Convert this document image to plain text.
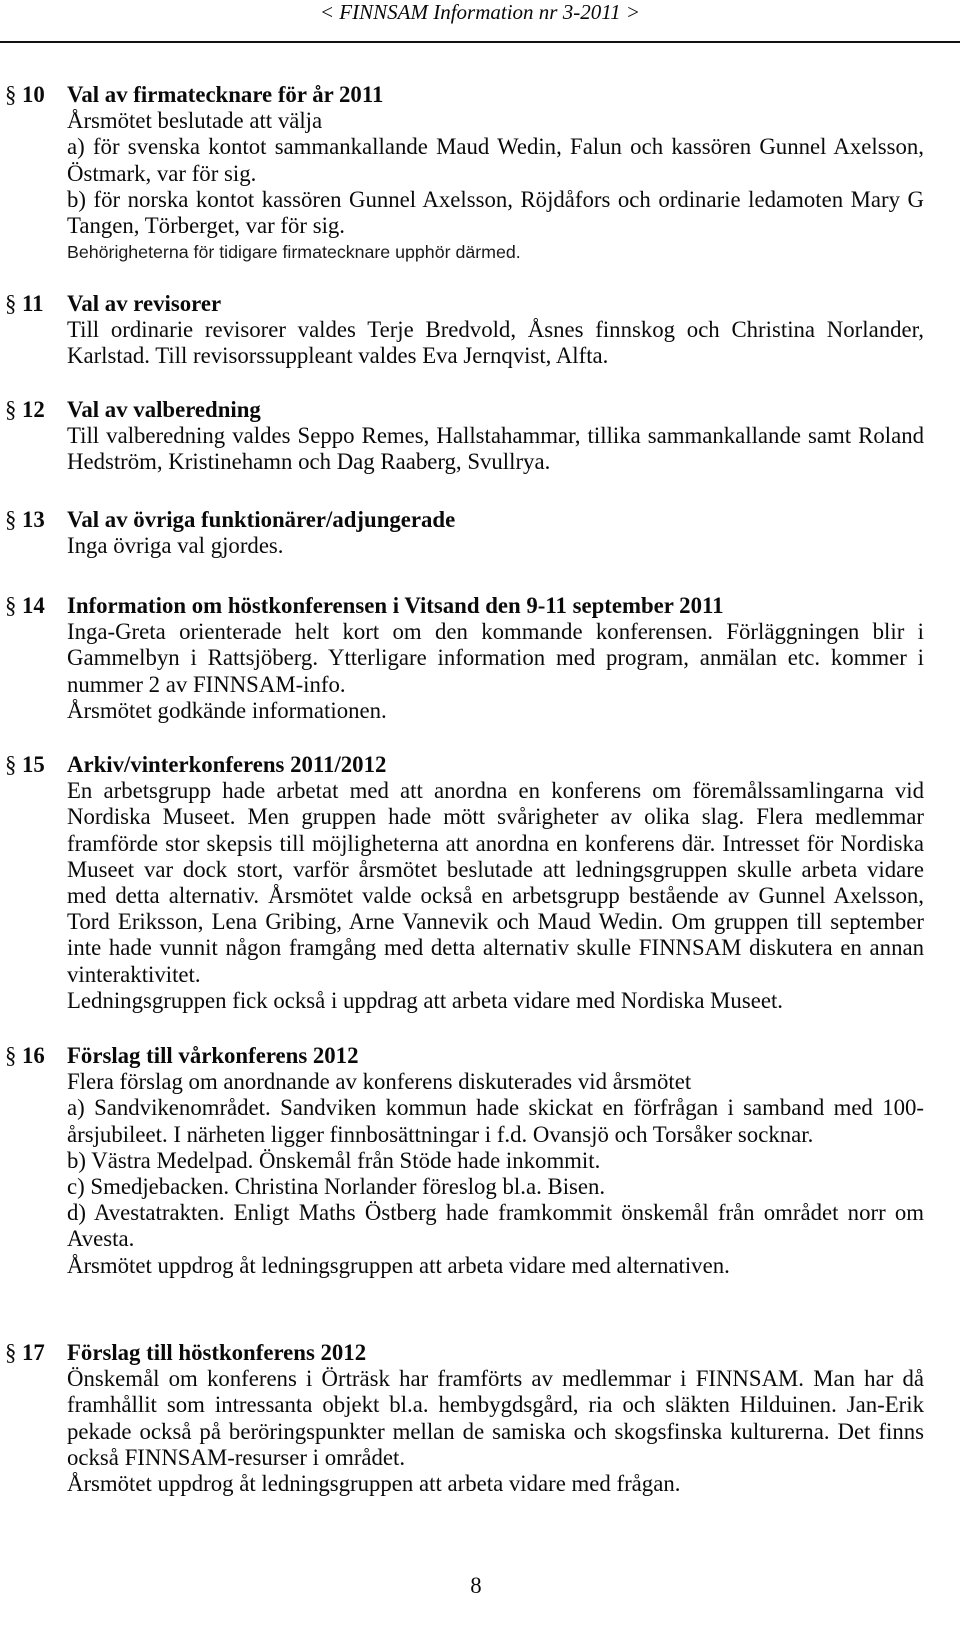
< FINNSAM Information nr 3-2011 >
§ 10 Val av firmatecknare för år 2011
Årsmötet beslutade att välja
a) för svenska kontot sammankallande Maud Wedin, Falun och kassören Gunnel Axelsson,
Östmark, var för sig.
b) för norska kontot kassören Gunnel Axelsson, Röjdåfors och ordinarie ledamoten Mary G
Tangen, Törberget, var för sig.
Behörigheterna för tidigare firmatecknare upphör därmed.
§ 11 Val av revisorer
Till ordinarie revisorer valdes Terje Bredvold, Åsnes finnskog och Christina Norlander,
Karlstad. Till revisorssuppleant valdes Eva Jernqvist, Alfta.
§ 12 Val av valberedning
Till valberedning valdes Seppo Remes, Hallstahammar, tillika sammankallande samt Roland
Hedström, Kristinehamn och Dag Raaberg, Svullrya.
§ 13 Val av övriga funktionärer/adjungerade
Inga övriga val gjordes.
§ 14 Information om höstkonferensen i Vitsand den 9-11 september 2011
Inga-Greta orienterade helt kort om den kommande konferensen. Förläggningen blir i
Gammelbyn i Rattsjöberg. Ytterligare information med program, anmälan etc. kommer i
nummer 2 av FINNSAM-info.
Årsmötet godkände informationen.
§ 15 Arkiv/vinterkonferens 2011/2012
En arbetsgrupp hade arbetat med att anordna en konferens om föremålssamlingarna vid
Nordiska Museet. Men gruppen hade mött svårigheter av olika slag. Flera medlemmar
framförde stor skepsis till möjligheterna att anordna en konferens där. Intresset för Nordiska
Museet var dock stort, varför årsmötet beslutade att ledningsgruppen skulle arbeta vidare
med detta alternativ. Årsmötet valde också en arbetsgrupp bestående av Gunnel Axelsson,
Tord Eriksson, Lena Gribing, Arne Vannevik och Maud Wedin. Om gruppen till september
inte hade vunnit någon framgång med detta alternativ skulle FINNSAM diskutera en annan
vinteraktivitet.
Ledningsgruppen fick också i uppdrag att arbeta vidare med Nordiska Museet.
§ 16 Förslag till vårkonferens 2012
Flera förslag om anordnande av konferens diskuterades vid årsmötet
a) Sandvikenområdet. Sandviken kommun hade skickat en förfrågan i samband med 100-
årsjubileet. I närheten ligger finnbosättningar i f.d. Ovansjö och Torsåker socknar.
b) Västra Medelpad. Önskemål från Stöde hade inkommit.
c) Smedjebacken. Christina Norlander föreslog bl.a. Bisen.
d) Avestatrakten. Enligt Maths Östberg hade framkommit önskemål från området norr om
Avesta.
Årsmötet uppdrog åt ledningsgruppen att arbeta vidare med alternativen.
§ 17 Förslag till höstkonferens 2012
Önskemål om konferens i Örträsk har framförts av medlemmar i FINNSAM. Man har då
framhållit som intressanta objekt bl.a. hembygdsgård, ria och släkten Hilduinen. Jan-Erik
pekade också på beröringspunkter mellan de samiska och skogsfinska kulturerna. Det finns
också FINNSAM-resurser i området.
Årsmötet uppdrog åt ledningsgruppen att arbeta vidare med frågan.
8
